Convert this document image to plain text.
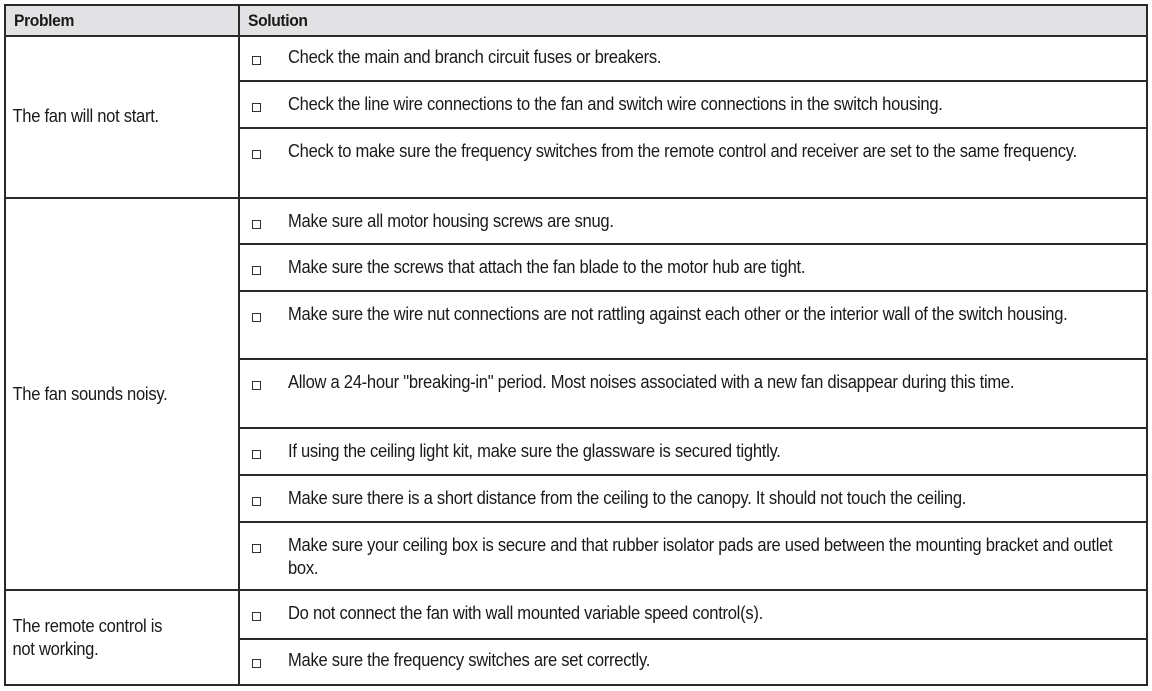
Problem	Solution
The fan will not start.
Check the main and branch circuit fuses or breakers.
Check the line wire connections to the fan and switch wire connections in the switch housing.
Check to make sure the frequency switches from the remote control and receiver are set to the same frequency.
The fan sounds noisy.
Make sure all motor housing screws are snug.
Make sure the screws that attach the fan blade to the motor hub are tight.
Make sure the wire nut connections are not rattling against each other or the interior wall of the switch housing.
Allow a 24-hour "breaking-in" period. Most noises associated with a new fan disappear during this time.
If using the ceiling light kit, make sure the glassware is secured tightly.
Make sure there is a short distance from the ceiling to the canopy. It should not touch the ceiling.
Make sure your ceiling box is secure and that rubber isolator pads are used between the mounting bracket and outlet box.
The remote control is not working.
Do not connect the fan with wall mounted variable speed control(s).
Make sure the frequency switches are set correctly.
